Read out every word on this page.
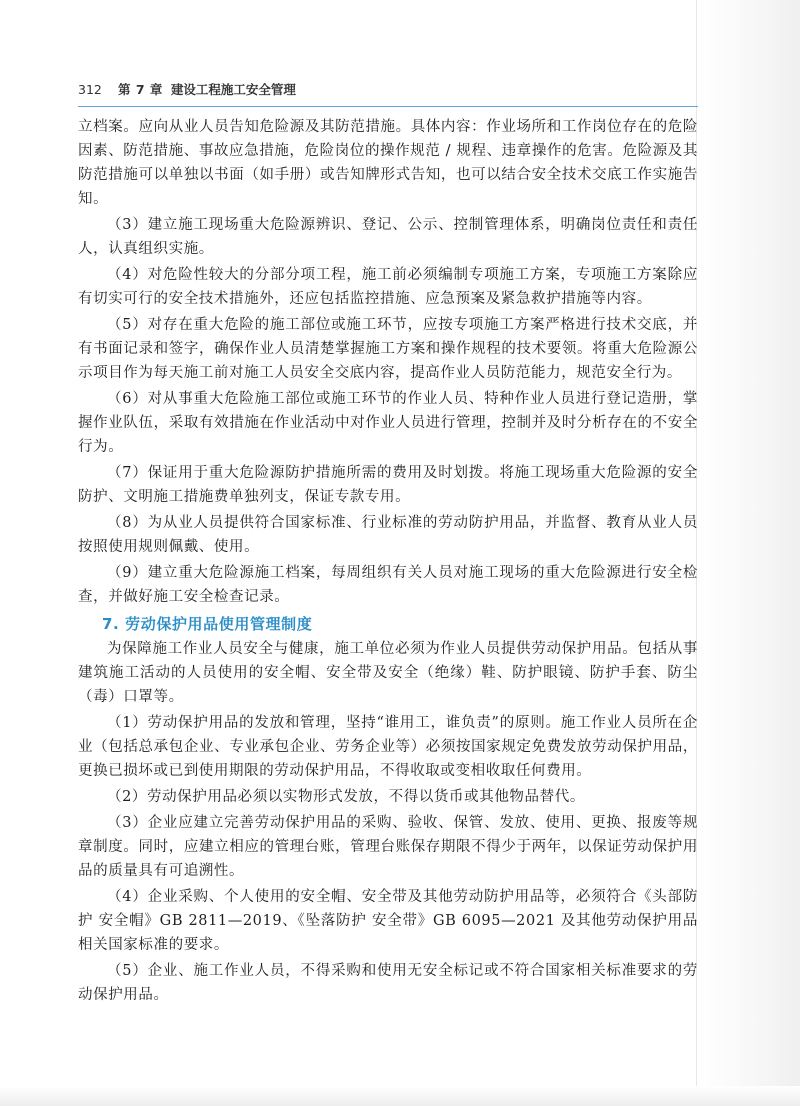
312 第 7 章 建设工程施工安全管理

立档案。应向从业人员告知危险源及其防范措施。具体内容：作业场所和工作岗位存在的危险因素、防范措施、事故应急措施，危险岗位的操作规范 / 规程、违章操作的危害。危险源及其防范措施可以单独以书面（如手册）或告知牌形式告知，也可以结合安全技术交底工作实施告知。

（3）建立施工现场重大危险源辨识、登记、公示、控制管理体系，明确岗位责任和责任人，认真组织实施。

（4）对危险性较大的分部分项工程，施工前必须编制专项施工方案，专项施工方案除应有切实可行的安全技术措施外，还应包括监控措施、应急预案及紧急救护措施等内容。

（5）对存在重大危险的施工部位或施工环节，应按专项施工方案严格进行技术交底，并有书面记录和签字，确保作业人员清楚掌握施工方案和操作规程的技术要领。将重大危险源公示项目作为每天施工前对施工人员安全交底内容，提高作业人员防范能力，规范安全行为。

（6）对从事重大危险施工部位或施工环节的作业人员、特种作业人员进行登记造册，掌握作业队伍，采取有效措施在作业活动中对作业人员进行管理，控制并及时分析存在的不安全行为。

（7）保证用于重大危险源防护措施所需的费用及时划拨。将施工现场重大危险源的安全防护、文明施工措施费单独列支，保证专款专用。

（8）为从业人员提供符合国家标准、行业标准的劳动防护用品，并监督、教育从业人员按照使用规则佩戴、使用。

（9）建立重大危险源施工档案，每周组织有关人员对施工现场的重大危险源进行安全检查，并做好施工安全检查记录。

7. 劳动保护用品使用管理制度

为保障施工作业人员安全与健康，施工单位必须为作业人员提供劳动保护用品。包括从事建筑施工活动的人员使用的安全帽、安全带及安全（绝缘）鞋、防护眼镜、防护手套、防尘（毒）口罩等。

（1）劳动保护用品的发放和管理，坚持“谁用工，谁负责”的原则。施工作业人员所在企业（包括总承包企业、专业承包企业、劳务企业等）必须按国家规定免费发放劳动保护用品，更换已损坏或已到使用期限的劳动保护用品，不得收取或变相收取任何费用。

（2）劳动保护用品必须以实物形式发放，不得以货币或其他物品替代。

（3）企业应建立完善劳动保护用品的采购、验收、保管、发放、使用、更换、报废等规章制度。同时，应建立相应的管理台账，管理台账保存期限不得少于两年，以保证劳动保护用品的质量具有可追溯性。

（4）企业采购、个人使用的安全帽、安全带及其他劳动防护用品等，必须符合《头部防护 安全帽》GB 2811—2019、《坠落防护 安全带》GB 6095—2021 及其他劳动保护用品相关国家标准的要求。

（5）企业、施工作业人员，不得采购和使用无安全标记或不符合国家相关标准要求的劳动保护用品。
